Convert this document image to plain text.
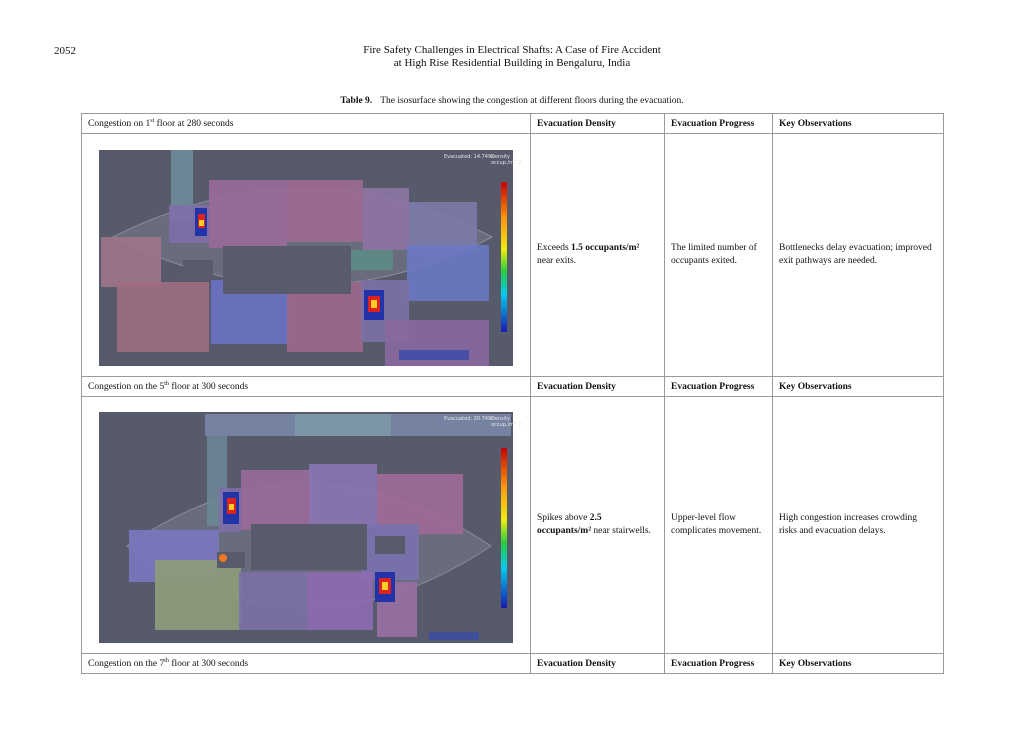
2052	Fire Safety Challenges in Electrical Shafts: A Case of Fire Accident
at High Rise Residential Building in Bengaluru, India
Table 9. The isosurface showing the congestion at different floors during the evacuation.
Congestion on 1st floor at 280 seconds	Evacuation Density	Evacuation Progress	Key Observations

Evacuated: 14.749s
Density
occup./m^2	Exceeds 1.5 occupants/m² near exits.	The limited number of occupants exited.	Bottlenecks delay evacuation; improved exit pathways are needed.
Congestion on the 5th floor at 300 seconds	Evacuation Density	Evacuation Progress	Key Observations

Evacuated: 20.749s
Density
occup./m^2	Spikes above 2.5 occupants/m² near stairwells.	Upper-level flow complicates movement.	High congestion increases crowding risks and evacuation delays.
Congestion on the 7th floor at 300 seconds	Evacuation Density	Evacuation Progress	Key Observations
